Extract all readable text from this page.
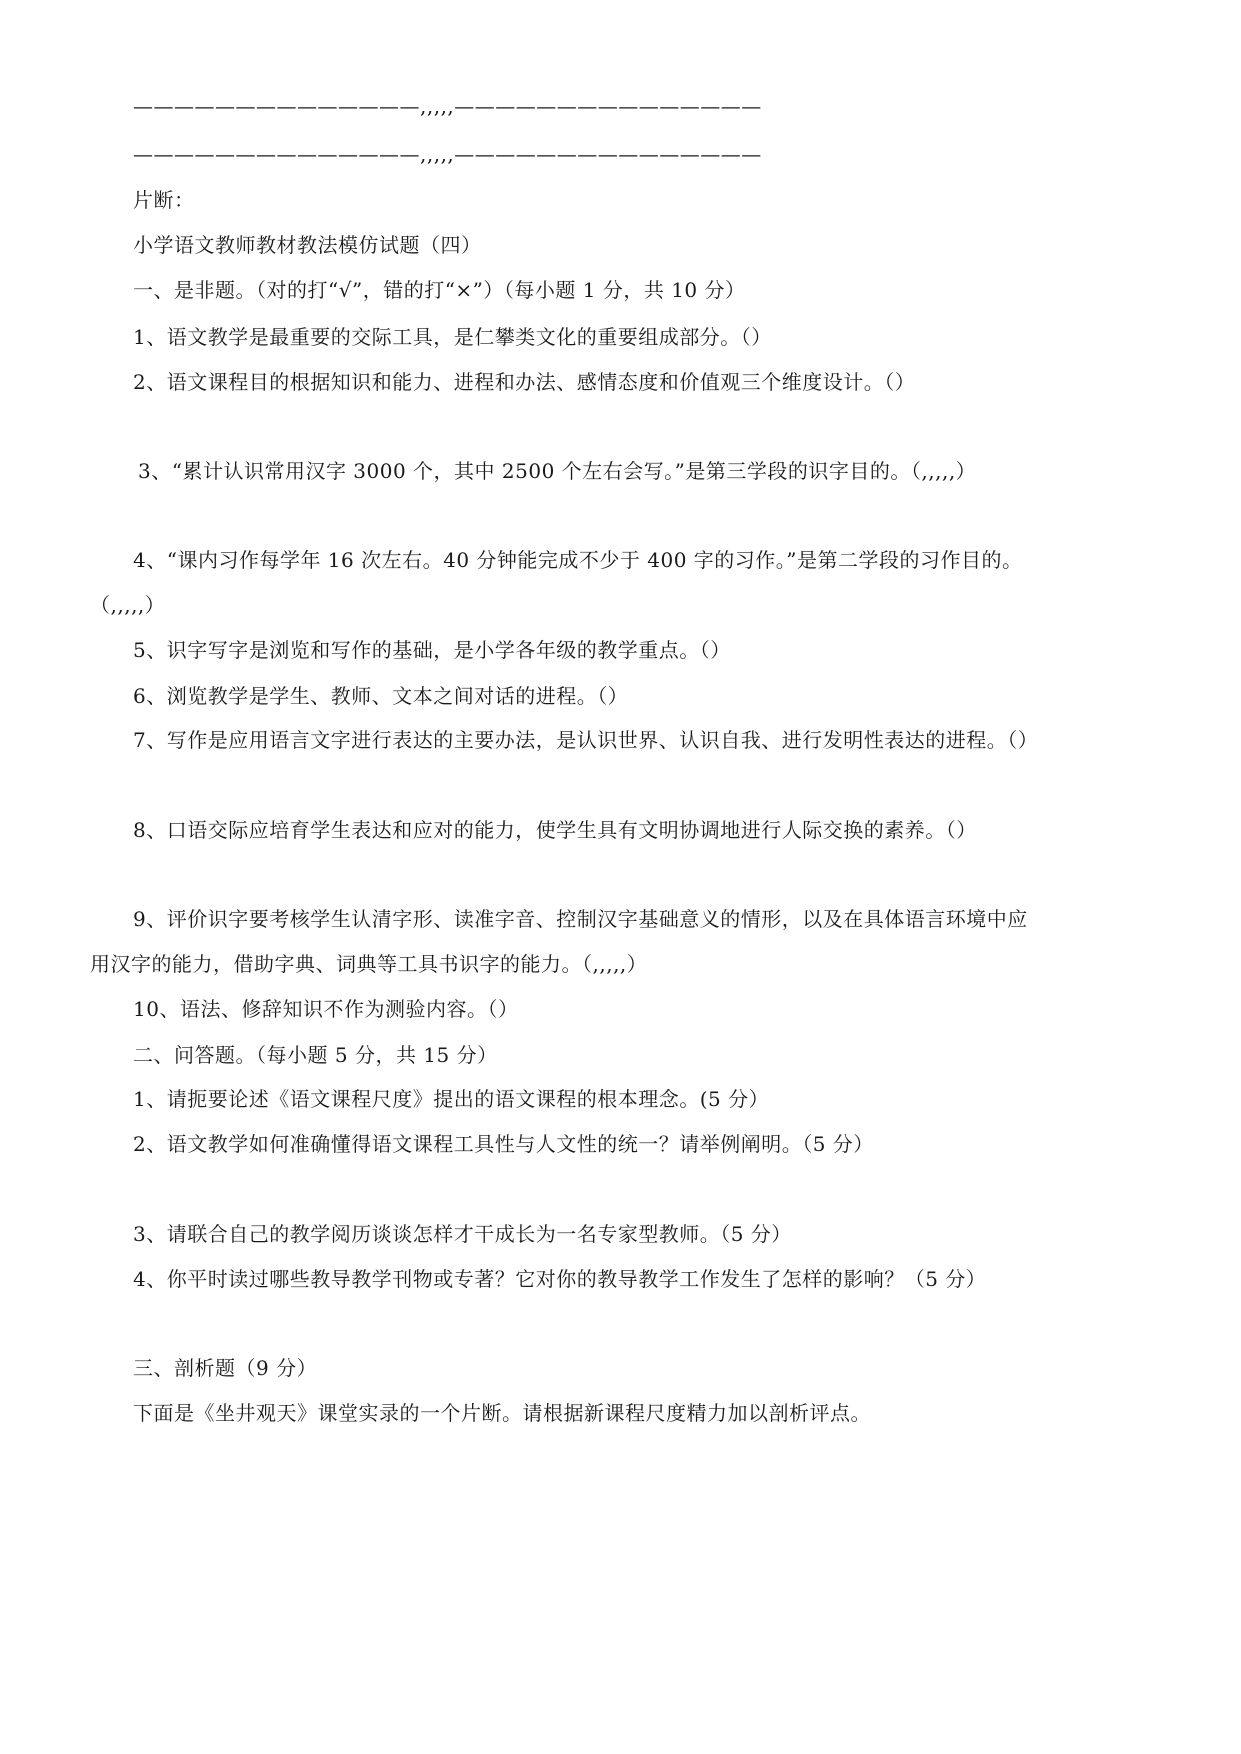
——————————————,,,,,———————————————
——————————————,,,,,———————————————
片断：
小学语文教师教材教法模仿试题（四）
一、是非题。（对的打“√”，错的打“×”）（每小题 1 分，共 10 分）
1、语文教学是最重要的交际工具，是仁攀类文化的重要组成部分。（）
2、语文课程目的根据知识和能力、进程和办法、感情态度和价值观三个维度设计。（）
3、“累计认识常用汉字 3000 个，其中 2500 个左右会写。”是第三学段的识字目的。（,,,,,）
4、“课内习作每学年 16 次左右。40 分钟能完成不少于 400 字的习作。”是第二学段的习作目的。
（,,,,,）
5、识字写字是浏览和写作的基础，是小学各年级的教学重点。（）
6、浏览教学是学生、教师、文本之间对话的进程。（）
7、写作是应用语言文字进行表达的主要办法，是认识世界、认识自我、进行发明性表达的进程。（）
8、口语交际应培育学生表达和应对的能力，使学生具有文明协调地进行人际交换的素养。（）
9、评价识字要考核学生认清字形、读准字音、控制汉字基础意义的情形，以及在具体语言环境中应
用汉字的能力，借助字典、词典等工具书识字的能力。（,,,,,）
10、语法、修辞知识不作为测验内容。（）
二、问答题。（每小题 5 分，共 15 分）
1、请扼要论述《语文课程尺度》提出的语文课程的根本理念。(5 分）
2、语文教学如何准确懂得语文课程工具性与人文性的统一？请举例阐明。（5 分）
3、请联合自己的教学阅历谈谈怎样才干成长为一名专家型教师。（5 分）
4、你平时读过哪些教导教学刊物或专著？它对你的教导教学工作发生了怎样的影响？（5 分）
三、剖析题（9 分）
下面是《坐井观天》课堂实录的一个片断。请根据新课程尺度精力加以剖析评点。
